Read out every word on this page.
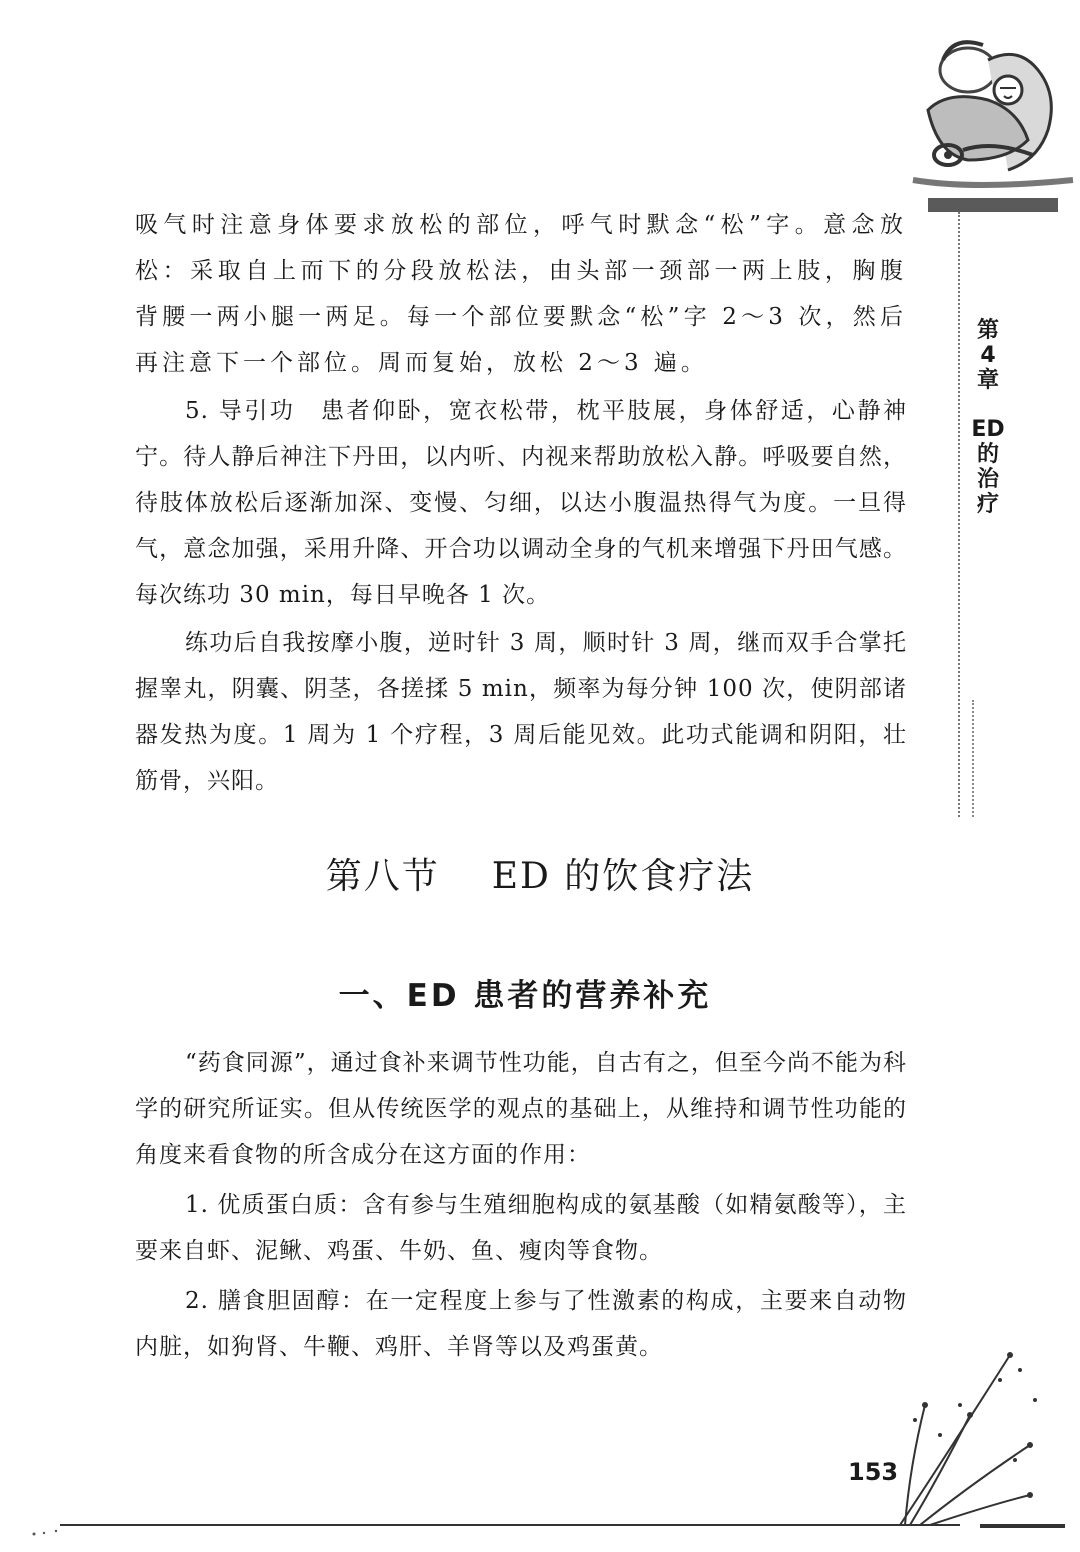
第
4
章
ED
的
治
疗

吸气时注意身体要求放松的部位，呼气时默念“松”字。意念放松：采取自上而下的分段放松法，由头部一颈部一两上肢，胸腹背腰一两小腿一两足。每一个部位要默念“松”字 2～3 次，然后再注意下一个部位。周而复始，放松 2～3 遍。

5. 导引功　患者仰卧，宽衣松带，枕平肢展，身体舒适，心静神宁。待人静后神注下丹田，以内听、内视来帮助放松入静。呼吸要自然，待肢体放松后逐渐加深、变慢、匀细，以达小腹温热得气为度。一旦得气，意念加强，采用升降、开合功以调动全身的气机来增强下丹田气感。每次练功 30 min，每日早晚各 1 次。

练功后自我按摩小腹，逆时针 3 周，顺时针 3 周，继而双手合掌托握睾丸，阴囊、阴茎，各搓揉 5 min，频率为每分钟 100 次，使阴部诸器发热为度。1 周为 1 个疗程，3 周后能见效。此功式能调和阴阳，壮筋骨，兴阳。

第八节 ED 的饮食疗法
一、ED 患者的营养补充

“药食同源”，通过食补来调节性功能，自古有之，但至今尚不能为科学的研究所证实。但从传统医学的观点的基础上，从维持和调节性功能的角度来看食物的所含成分在这方面的作用：

1. 优质蛋白质：含有参与生殖细胞构成的氨基酸（如精氨酸等），主要来自虾、泥鳅、鸡蛋、牛奶、鱼、瘦肉等食物。

2. 膳食胆固醇：在一定程度上参与了性激素的构成，主要来自动物内脏，如狗肾、牛鞭、鸡肝、羊肾等以及鸡蛋黄。

153
